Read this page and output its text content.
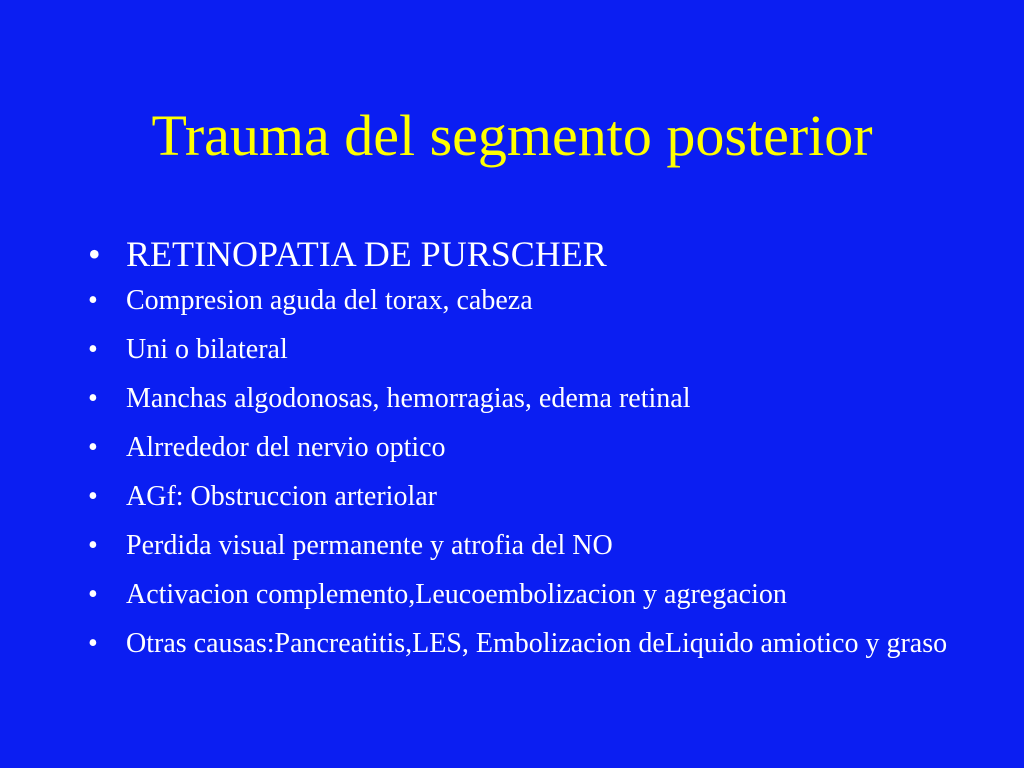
Trauma del segmento posterior
• RETINOPATIA DE PURSCHER
• Compresion aguda del torax, cabeza
• Uni o bilateral
• Manchas algodonosas, hemorragias, edema retinal
• Alrrededor del nervio optico
• AGf: Obstruccion arteriolar
• Perdida visual permanente y atrofia del NO
• Activacion complemento,Leucoembolizacion y agregacion
• Otras causas:Pancreatitis,LES, Embolizacion deLiquido amiotico y graso
